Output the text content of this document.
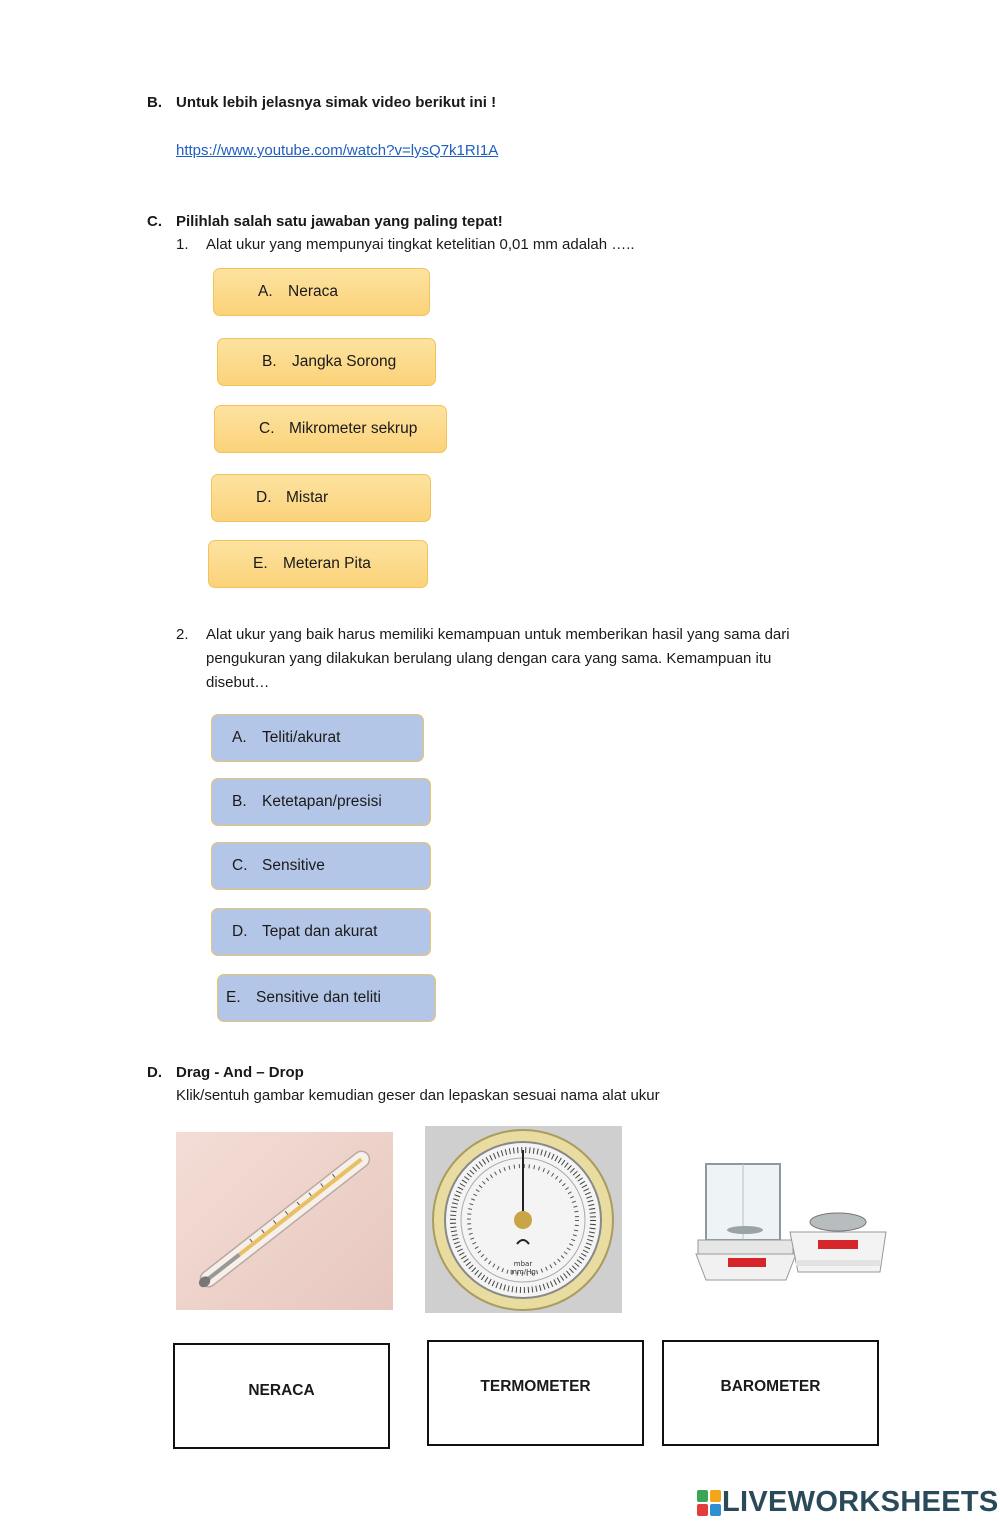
B. Untuk lebih jelasnya simak video berikut ini !
https://www.youtube.com/watch?v=lysQ7k1RI1A
C. Pilihlah salah satu jawaban yang paling tepat!
1. Alat ukur yang mempunyai tingkat ketelitian 0,01 mm adalah …..
A. Neraca
B. Jangka Sorong
C. Mikrometer sekrup
D. Mistar
E. Meteran Pita
2. Alat ukur yang baik harus memiliki kemampuan untuk memberikan hasil yang sama dari
pengukuran yang dilakukan berulang ulang dengan cara yang sama. Kemampuan itu
disebut…
A. Teliti/akurat
B. Ketetapan/presisi
C. Sensitive
D. Tepat dan akurat
E. Sensitive dan teliti
D. Drag - And – Drop
Klik/sentuh gambar kemudian geser dan lepaskan sesuai nama alat ukur
mbar
mm/Hg
NERACA	TERMOMETER	BAROMETER
LIVEWORKSHEETS
